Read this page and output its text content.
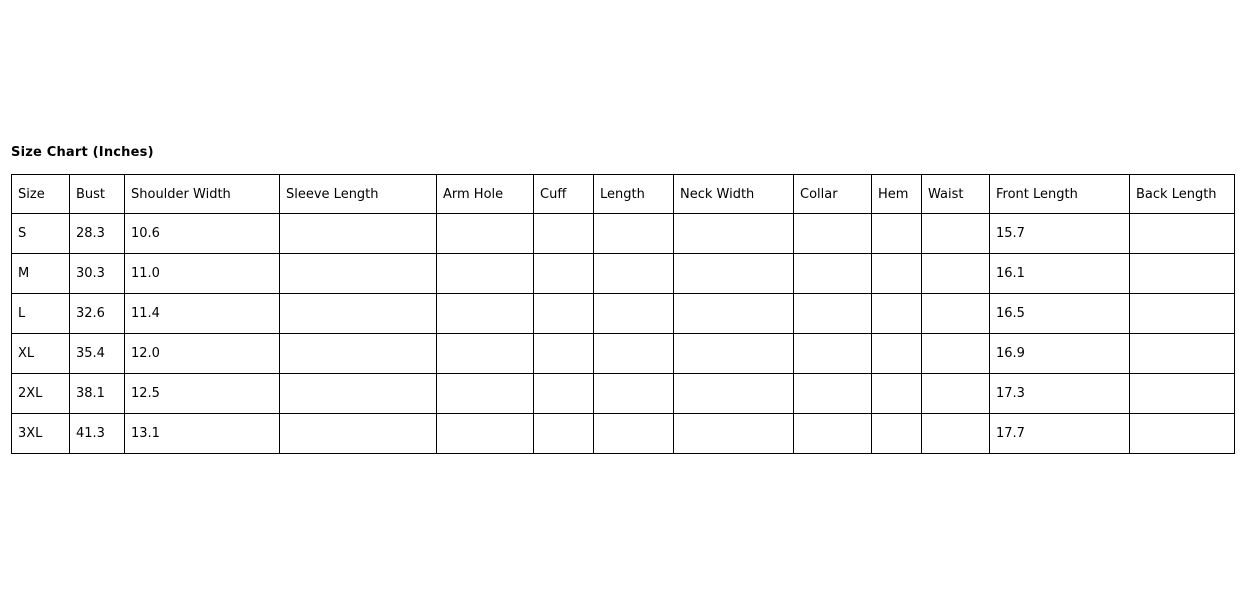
Size Chart (Inches)
Size	Bust	Shoulder Width	Sleeve Length	Arm Hole	Cuff	Length	Neck Width	Collar	Hem	Waist	Front Length	Back Length
S	28.3	10.6									15.7	
M	30.3	11.0									16.1	
L	32.6	11.4									16.5	
XL	35.4	12.0									16.9	
2XL	38.1	12.5									17.3	
3XL	41.3	13.1									17.7	
